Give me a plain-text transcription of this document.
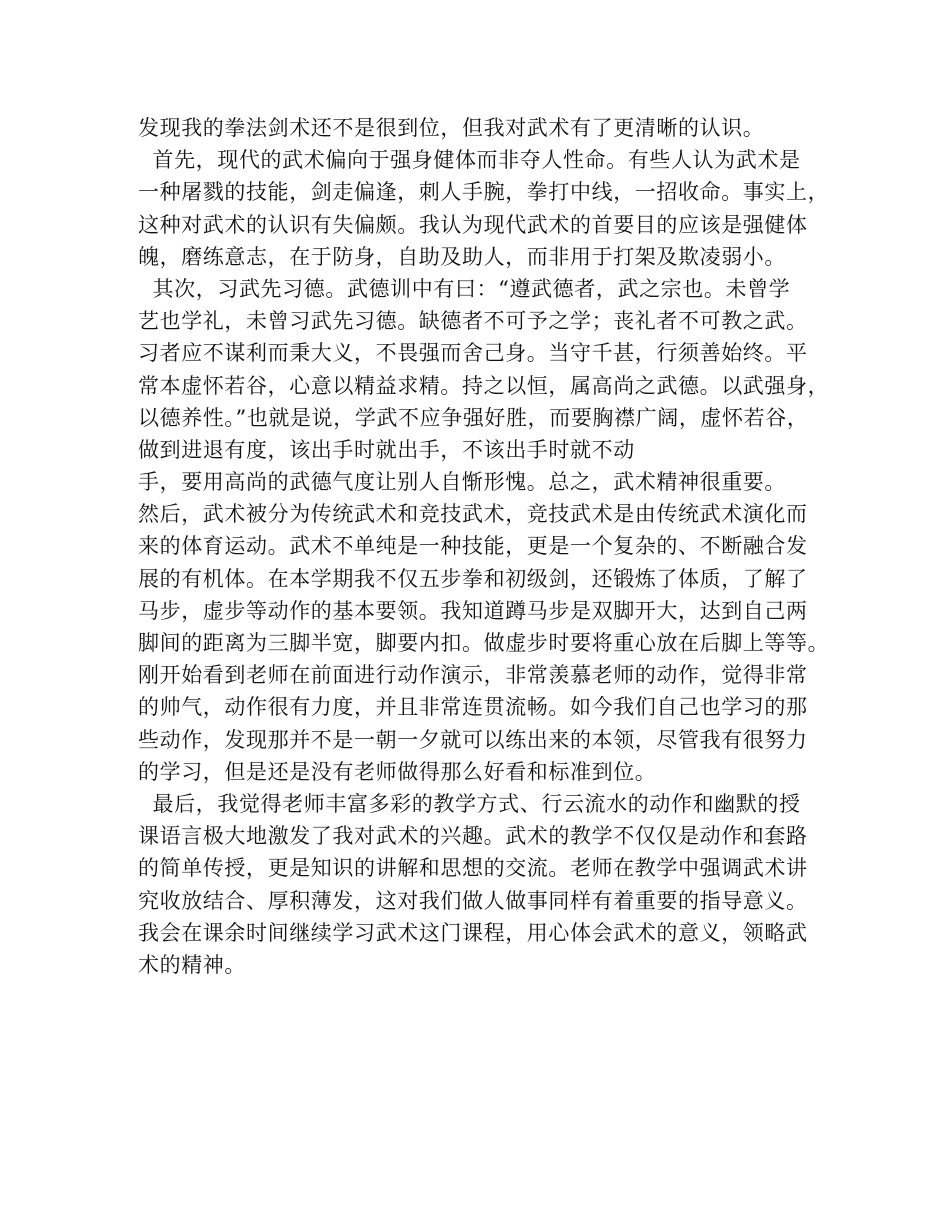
发现我的拳法剑术还不是很到位，但我对武术有了更清晰的认识。
首先，现代的武术偏向于强身健体而非夺人性命。有些人认为武术是
一种屠戮的技能，剑走偏逢，刺人手腕，拳打中线，一招收命。事实上，
这种对武术的认识有失偏颇。我认为现代武术的首要目的应该是强健体
魄，磨练意志，在于防身，自助及助人，而非用于打架及欺凌弱小。
其次，习武先习德。武德训中有曰：“遵武德者，武之宗也。未曾学
艺也学礼，未曾习武先习德。缺德者不可予之学；丧礼者不可教之武。
习者应不谋利而秉大义，不畏强而舍己身。当守千甚，行须善始终。平
常本虚怀若谷，心意以精益求精。持之以恒，属高尚之武德。以武强身，
以德养性。”也就是说，学武不应争强好胜，而要胸襟广阔，虚怀若谷，
做到进退有度，该出手时就出手，不该出手时就不动
手，要用高尚的武德气度让别人自惭形愧。总之，武术精神很重要。
然后，武术被分为传统武术和竞技武术，竞技武术是由传统武术演化而
来的体育运动。武术不单纯是一种技能，更是一个复杂的、不断融合发
展的有机体。在本学期我不仅五步拳和初级剑，还锻炼了体质，了解了
马步，虚步等动作的基本要领。我知道蹲马步是双脚开大，达到自己两
脚间的距离为三脚半宽，脚要内扣。做虚步时要将重心放在后脚上等等。
刚开始看到老师在前面进行动作演示，非常羡慕老师的动作，觉得非常
的帅气，动作很有力度，并且非常连贯流畅。如今我们自己也学习的那
些动作，发现那并不是一朝一夕就可以练出来的本领，尽管我有很努力
的学习，但是还是没有老师做得那么好看和标准到位。
最后，我觉得老师丰富多彩的教学方式、行云流水的动作和幽默的授
课语言极大地激发了我对武术的兴趣。武术的教学不仅仅是动作和套路
的简单传授，更是知识的讲解和思想的交流。老师在教学中强调武术讲
究收放结合、厚积薄发，这对我们做人做事同样有着重要的指导意义。
我会在课余时间继续学习武术这门课程，用心体会武术的意义，领略武
术的精神。
